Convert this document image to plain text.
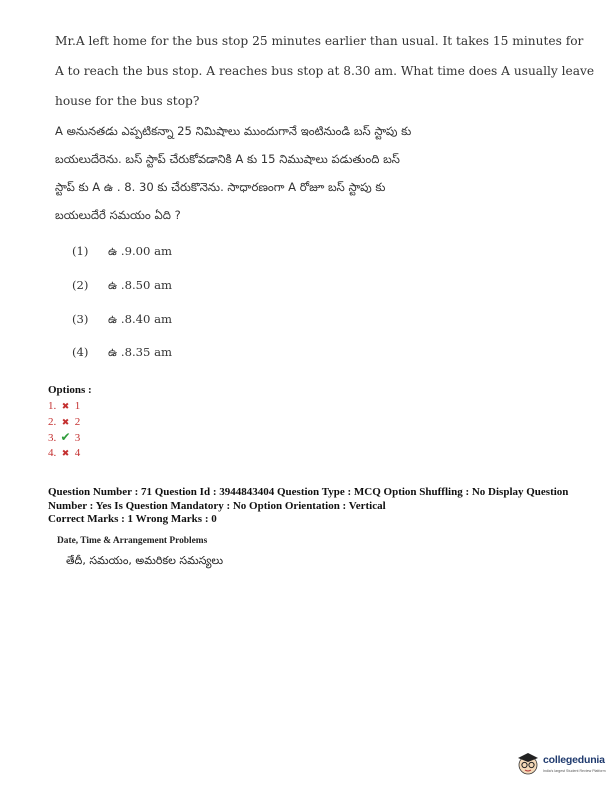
Mr.A left home for the bus stop 25 minutes earlier than usual. It takes 15 minutes for
A to reach the bus stop. A reaches bus stop at 8.30 am. What time does A usually leave
house for the bus stop?
A అనునతడు ఎప్పటికన్నా 25 నిమిషాలు ముందుగానే ఇంటినుండి బస్ స్టాపు కు
బయలుదేరెను. బస్ స్టాప్ చేరుకోవడానికి A కు 15 నిముషాలు పడుతుంది బస్
స్టాప్ కు A ఉ . 8. 30 కు చేరుకొనెను. సాధారణంగా A రోజూ బస్ స్టాపు కు
బయలుదేరే సమయం ఏది ?
(1) ఉ .9.00 am
(2) ఉ .8.50 am
(3) ఉ .8.40 am
(4) ఉ .8.35 am
Options :
1. ✖ 1
2. ✖ 2
3. ✔ 3
4. ✖ 4
Question Number : 71 Question Id : 3944843404 Question Type : MCQ Option Shuffling : No Display Question
Number : Yes Is Question Mandatory : No Option Orientation : Vertical
Correct Marks : 1 Wrong Marks : 0
Date, Time & Arrangement Problems
తేదీ, సమయం, అమరికల సమస్యలు
collegedunia
India's largest Student Review Platform
